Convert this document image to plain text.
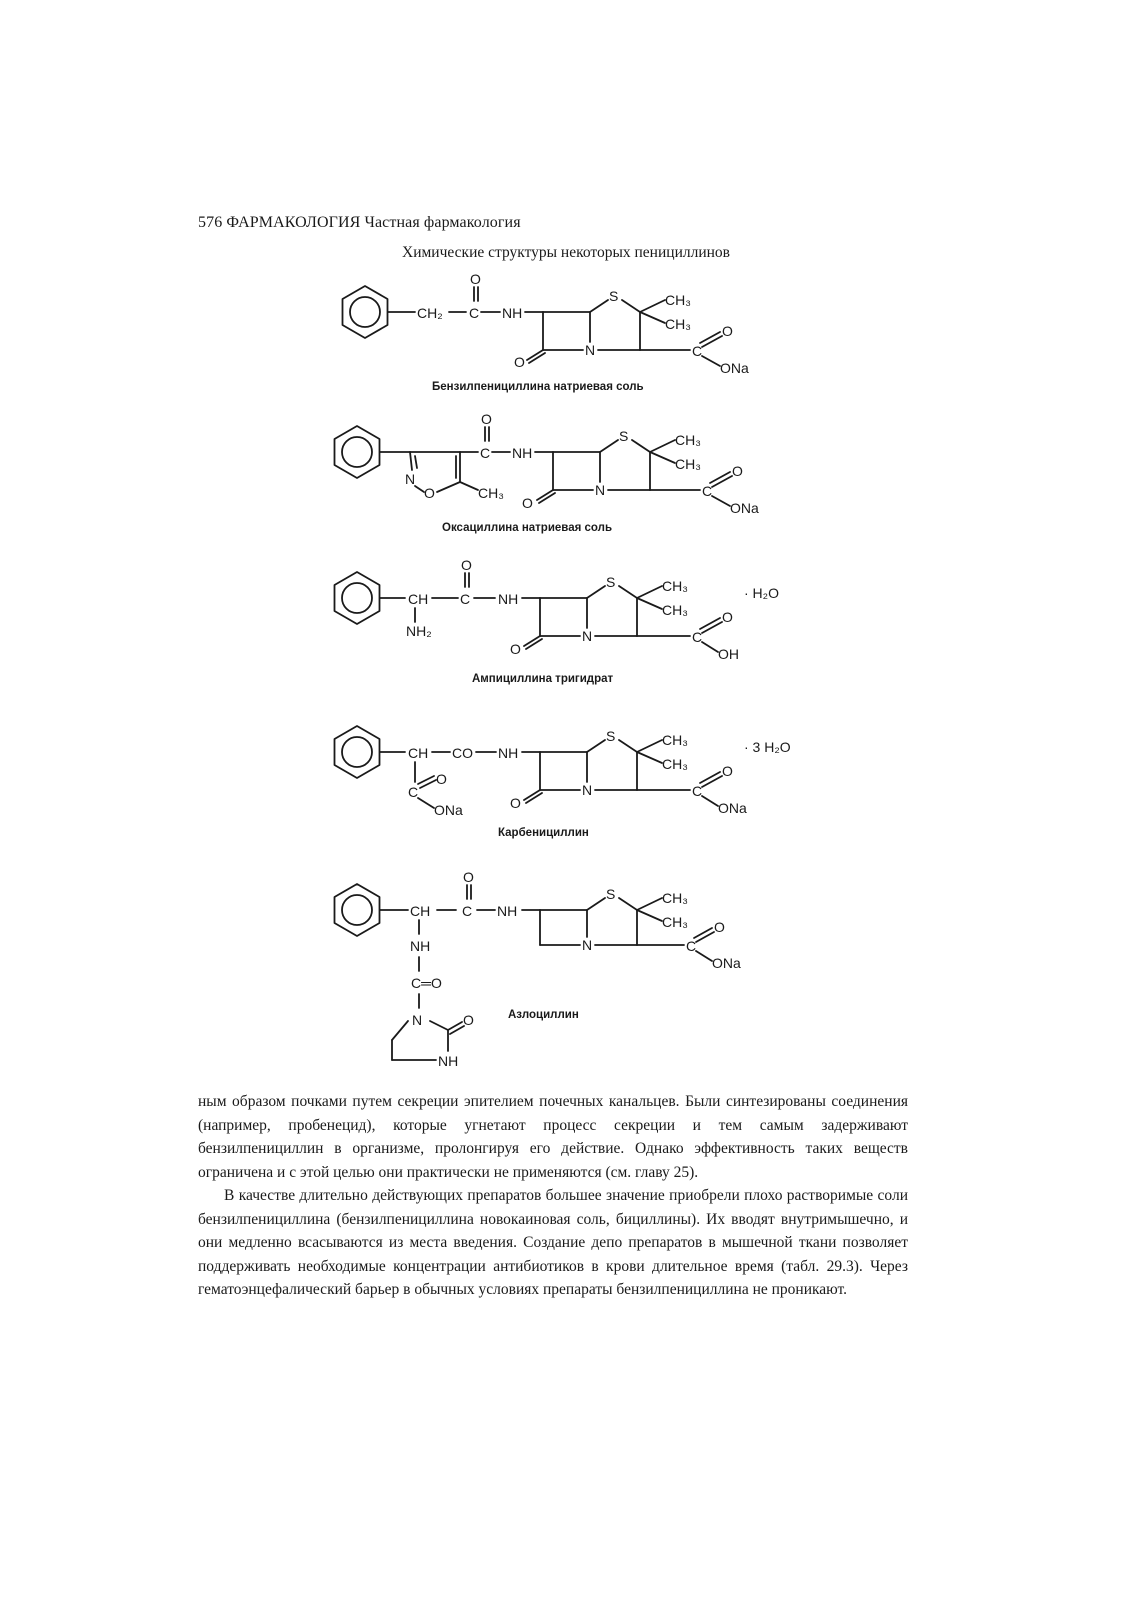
576 ФАРМАКОЛОГИЯ Частная фармакология
Химические структуры некоторых пенициллинов
CH₂ C
O
NH
S
N
O
CH₃
CH₃
C
O
ONa
Бензилпенициллина натриевая соль
N
O	CH₃
C
O
NH
S
N
O
CH₃
CH₃
C
O
ONa
Оксациллина натриевая соль
CH
NH₂
C
O
NH
S
N
O
CH₃
CH₃
C
O
OH
· H₂O
Ампициллина тригидрат
CH CO NH
C
O
ONa
S
N
O
CH₃
CH₃
C
O
ONa
· 3 H₂O
Карбенициллин
CH C
O
NH
NH
C═O
N
NH
O
S
N
CH₃
CH₃
C
O
ONa
Азлоциллин

ным образом почками путем секреции эпителием почечных канальцев. Были синтезированы соединения (например, пробенецид), которые угнетают процесс секреции и тем самым задерживают бензилпенициллин в организме, пролонгируя его действие. Однако эффективность таких веществ ограничена и с этой целью они практически не применяются (см. главу 25).

В качестве длительно действующих препаратов большее значение приобрели плохо растворимые соли бензилпенициллина (бензилпенициллина новокаиновая соль, бициллины). Их вводят внутримышечно, и они медленно всасываются из места введения. Создание депо препаратов в мышечной ткани позволяет поддерживать необходимые концентрации антибиотиков в крови длительное время (табл. 29.3). Через гематоэнцефалический барьер в обычных условиях препараты бензилпенициллина не проникают.
